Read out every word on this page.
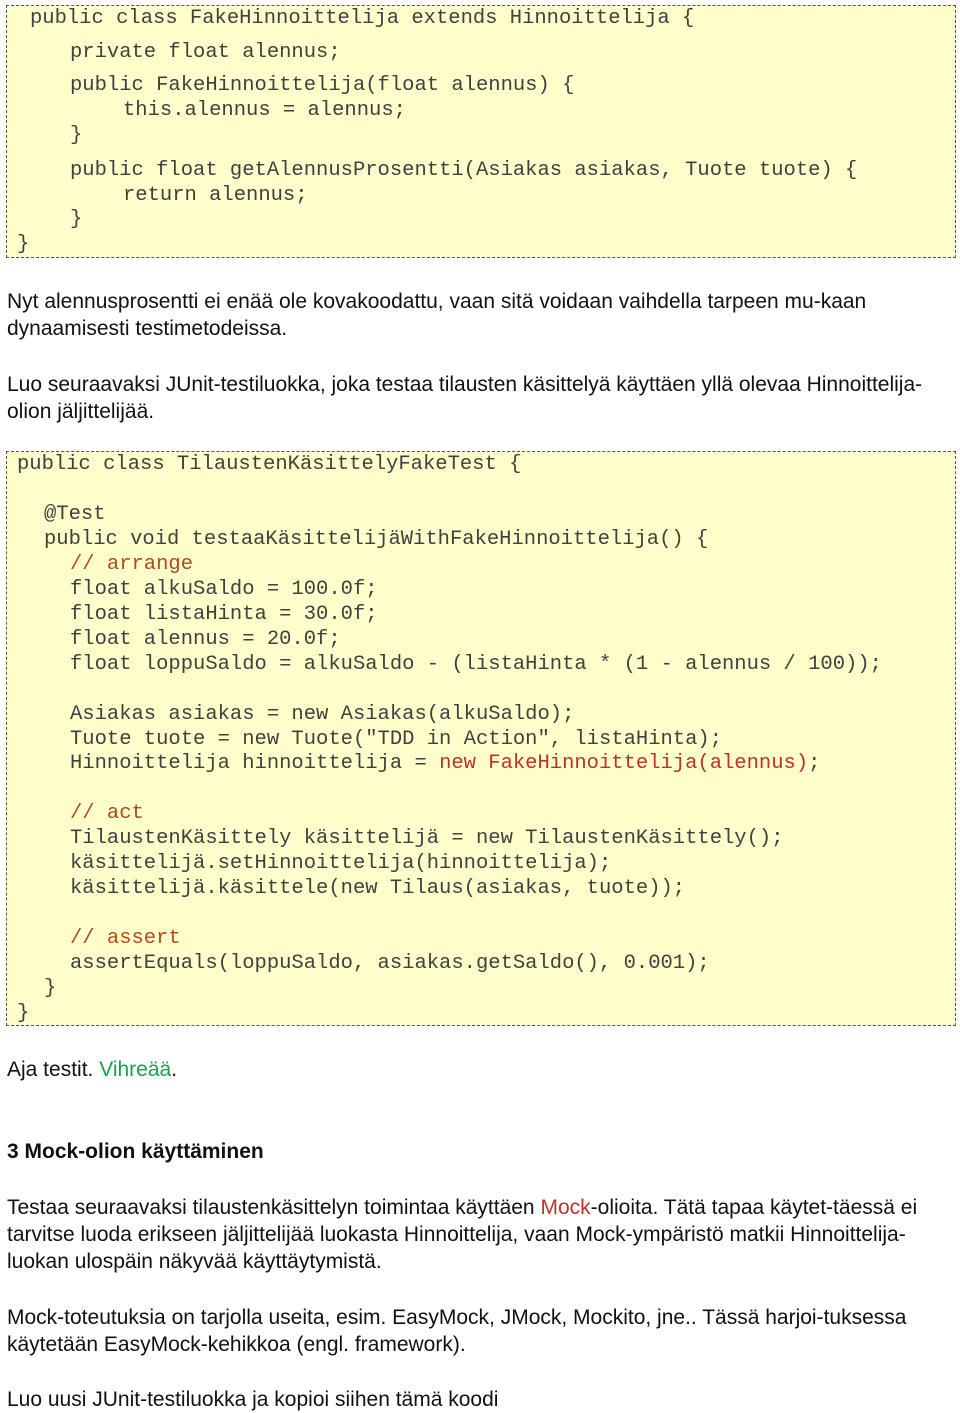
public class FakeHinnoittelija extends Hinnoittelija {
private float alennus;
public FakeHinnoittelija(float alennus) {
this.alennus = alennus;
}
public float getAlennusProsentti(Asiakas asiakas, Tuote tuote) {
return alennus;
}
}

Nyt alennusprosentti ei enää ole kovakoodattu, vaan sitä voidaan vaihdella tarpeen mu-kaan dynaamisesti testimetodeissa.

Luo seuraavaksi JUnit-testiluokka, joka testaa tilausten käsittelyä käyttäen yllä olevaa Hinnoittelija-olion jäljittelijää.

public class TilaustenKäsittelyFakeTest {
@Test
public void testaaKäsittelijäWithFakeHinnoittelija() {
// arrange
float alkuSaldo = 100.0f;
float listaHinta = 30.0f;
float alennus = 20.0f;
float loppuSaldo = alkuSaldo - (listaHinta * (1 - alennus / 100));
Asiakas asiakas = new Asiakas(alkuSaldo);
Tuote tuote = new Tuote("TDD in Action", listaHinta);
Hinnoittelija hinnoittelija = new FakeHinnoittelija(alennus);
// act
TilaustenKäsittely käsittelijä = new TilaustenKäsittely();
käsittelijä.setHinnoittelija(hinnoittelija);
käsittelijä.käsittele(new Tilaus(asiakas, tuote));
// assert
assertEquals(loppuSaldo, asiakas.getSaldo(), 0.001);
}
}

Aja testit. Vihreää.

3 Mock-olion käyttäminen

Testaa seuraavaksi tilaustenkäsittelyn toimintaa käyttäen Mock-olioita. Tätä tapaa käytet-täessä ei tarvitse luoda erikseen jäljittelijää luokasta Hinnoittelija, vaan Mock-ympäristö matkii Hinnoittelija-luokan ulospäin näkyvää käyttäytymistä.

Mock-toteutuksia on tarjolla useita, esim. EasyMock, JMock, Mockito, jne.. Tässä harjoi-tuksessa käytetään EasyMock-kehikkoa (engl. framework).

Luo uusi JUnit-testiluokka ja kopioi siihen tämä koodi
